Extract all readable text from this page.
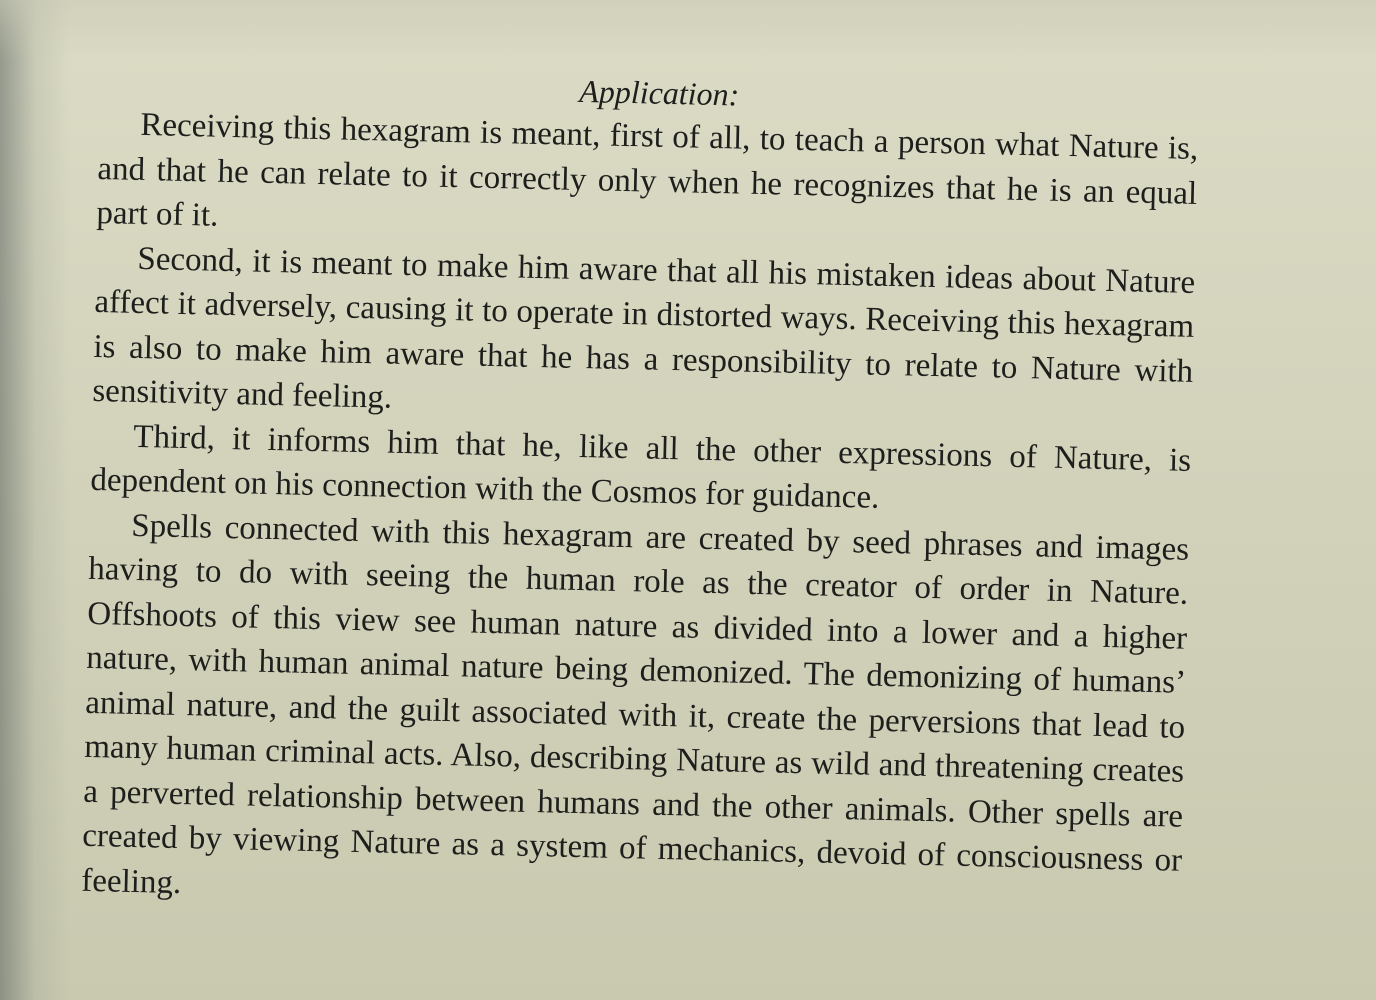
Application:

Receiving this hexagram is meant, first of all, to teach a person what Nature is, and that he can relate to it correctly only when he recognizes that he is an equal part of it.

Second, it is meant to make him aware that all his mistaken ideas about Nature affect it adversely, causing it to operate in distorted ways. Receiving this hexagram is also to make him aware that he has a responsibility to relate to Nature with sensitivity and feeling.

Third, it informs him that he, like all the other expressions of Nature, is dependent on his connection with the Cosmos for guidance.

Spells connected with this hexagram are created by seed phrases and images having to do with seeing the human role as the creator of order in Nature. Offshoots of this view see human nature as divided into a lower and a higher nature, with human animal nature being demonized. The demonizing of humans’ animal nature, and the guilt associated with it, create the perversions that lead to many human criminal acts. Also, describing Nature as wild and threatening creates a perverted relationship between humans and the other animals. Other spells are created by viewing Nature as a system of mechanics, devoid of consciousness or feeling.
